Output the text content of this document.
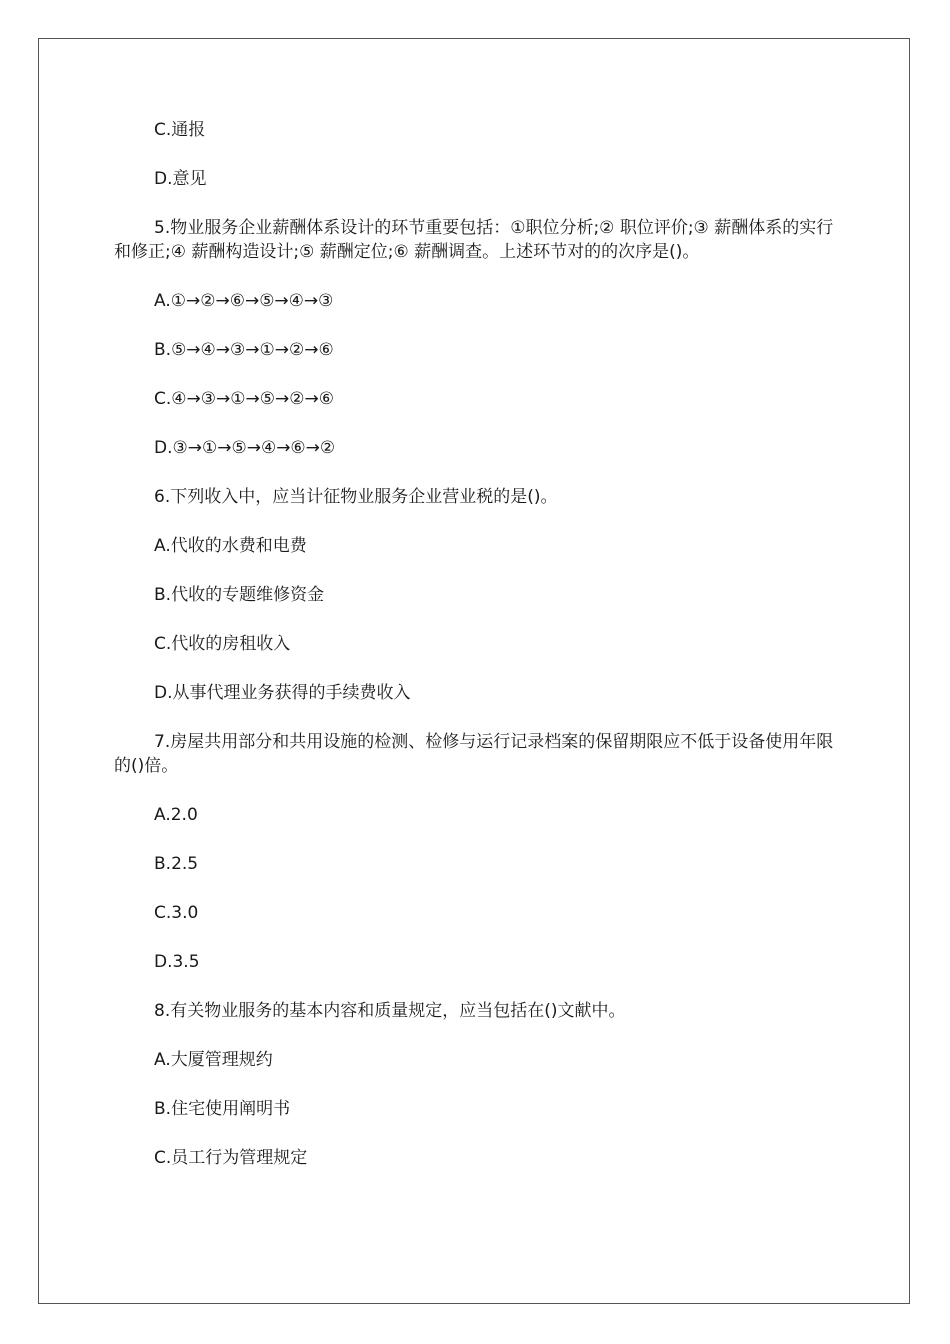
C.通报

D.意见

5.物业服务企业薪酬体系设计的环节重要包括：①职位分析;② 职位评价;③ 薪酬体系的实行和修正;④ 薪酬构造设计;⑤ 薪酬定位;⑥ 薪酬调查。上述环节对的的次序是()。

A.①→②→⑥→⑤→④→③

B.⑤→④→③→①→②→⑥

C.④→③→①→⑤→②→⑥

D.③→①→⑤→④→⑥→②

6.下列收入中，应当计征物业服务企业营业税的是()。

A.代收的水费和电费

B.代收的专题维修资金

C.代收的房租收入

D.从事代理业务获得的手续费收入

7.房屋共用部分和共用设施的检测、检修与运行记录档案的保留期限应不低于设备使用年限的()倍。

A.2.0

B.2.5

C.3.0

D.3.5

8.有关物业服务的基本内容和质量规定，应当包括在()文献中。

A.大厦管理规约

B.住宅使用阐明书

C.员工行为管理规定
